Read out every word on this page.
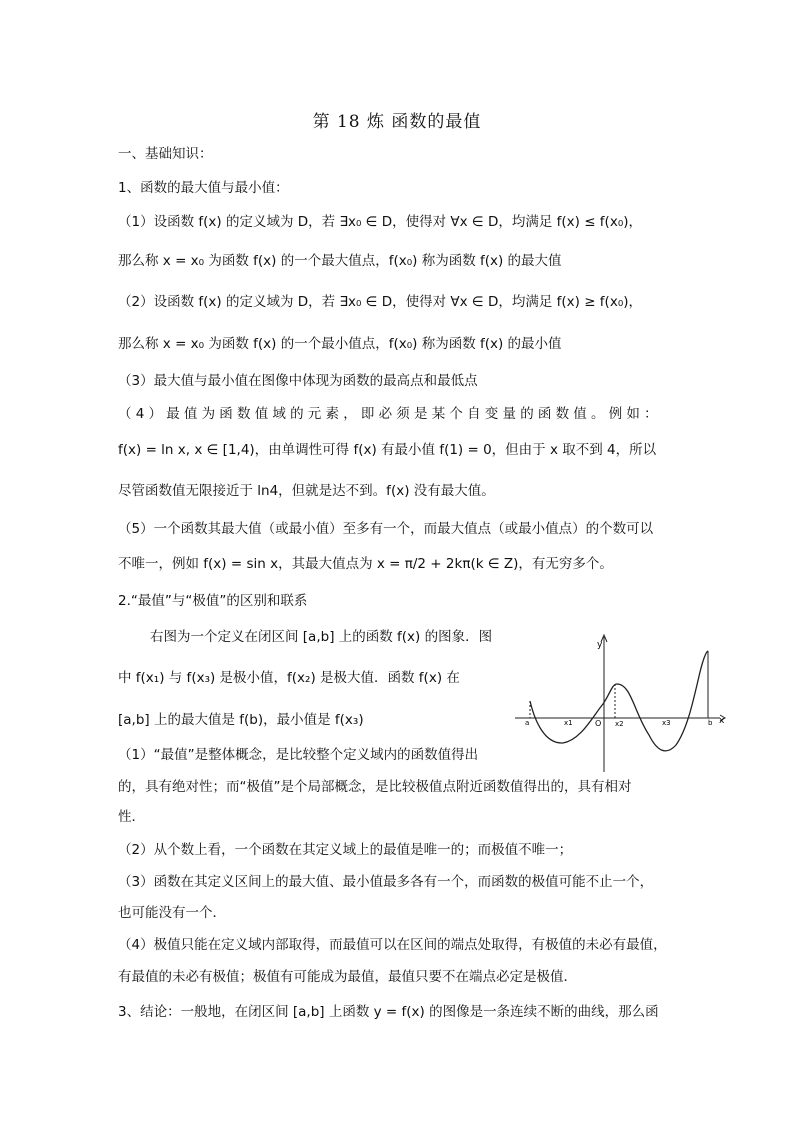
第 18 炼 函数的最值
一、基础知识：
1、函数的最大值与最小值：
（1）设函数 f(x) 的定义域为 D，若 ∃x₀ ∈ D，使得对 ∀x ∈ D，均满足 f(x) ≤ f(x₀)，
那么称 x = x₀ 为函数 f(x) 的一个最大值点，f(x₀) 称为函数 f(x) 的最大值
（2）设函数 f(x) 的定义域为 D，若 ∃x₀ ∈ D，使得对 ∀x ∈ D，均满足 f(x) ≥ f(x₀)，
那么称 x = x₀ 为函数 f(x) 的一个最小值点，f(x₀) 称为函数 f(x) 的最小值
（3）最大值与最小值在图像中体现为函数的最高点和最低点
（4）最值为函数值域的元素，即必须是某个自变量的函数值。例如：
f(x) = ln x, x ∈ [1,4)，由单调性可得 f(x) 有最小值 f(1) = 0，但由于 x 取不到 4，所以
尽管函数值无限接近于 ln4，但就是达不到。f(x) 没有最大值。
（5）一个函数其最大值（或最小值）至多有一个，而最大值点（或最小值点）的个数可以
不唯一，例如 f(x) = sin x，其最大值点为 x = π/2 + 2kπ(k ∈ Z)，有无穷多个。
2.“最值”与“极值”的区别和联系
右图为一个定义在闭区间 [a,b] 上的函数 f(x) 的图象．图
中 f(x₁) 与 f(x₃) 是极小值，f(x₂) 是极大值．函数 f(x) 在
[a,b] 上的最大值是 f(b)，最小值是 f(x₃)
（1）“最值”是整体概念，是比较整个定义域内的函数值得出
的，具有绝对性；而“极值”是个局部概念，是比较极值点附近函数值得出的，具有相对
性．
（2）从个数上看，一个函数在其定义域上的最值是唯一的；而极值不唯一；
（3）函数在其定义区间上的最大值、最小值最多各有一个，而函数的极值可能不止一个，
也可能没有一个．
（4）极值只能在定义域内部取得，而最值可以在区间的端点处取得，有极值的未必有最值，
有最值的未必有极值；极值有可能成为最值，最值只要不在端点必定是极值．
3、结论：一般地，在闭区间 [a,b] 上函数 y = f(x) 的图像是一条连续不断的曲线，那么函
y
x
O
a	b
x1	x2	x3
